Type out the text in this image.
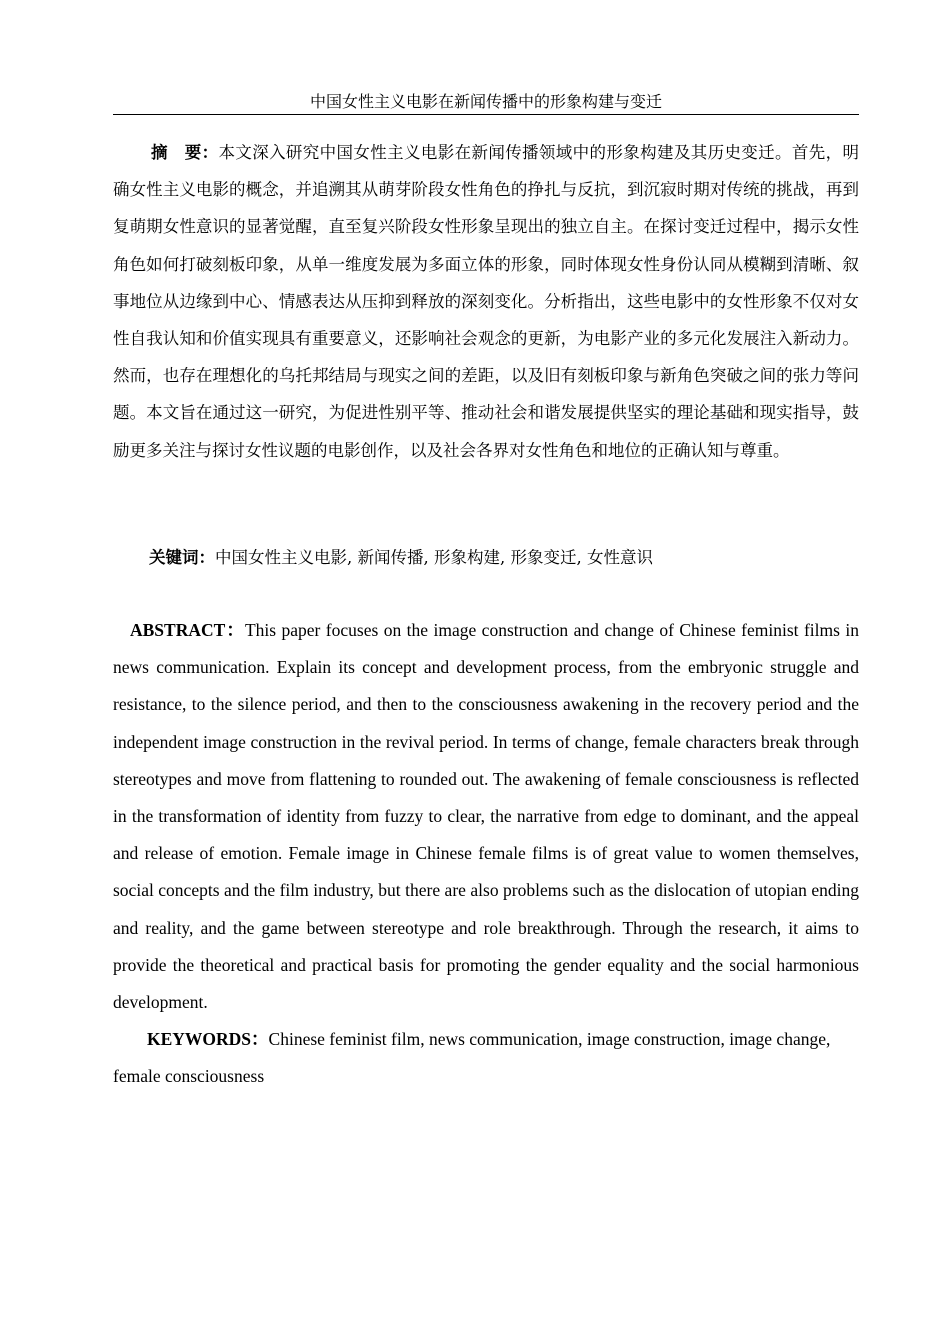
中国女性主义电影在新闻传播中的形象构建与变迁
摘　要：本文深入研究中国女性主义电影在新闻传播领域中的形象构建及其历史变迁。首先，明确女性主义电影的概念，并追溯其从萌芽阶段女性角色的挣扎与反抗，到沉寂时期对传统的挑战，再到复萌期女性意识的显著觉醒，直至复兴阶段女性形象呈现出的独立自主。在探讨变迁过程中，揭示女性角色如何打破刻板印象，从单一维度发展为多面立体的形象，同时体现女性身份认同从模糊到清晰、叙事地位从边缘到中心、情感表达从压抑到释放的深刻变化。分析指出，这些电影中的女性形象不仅对女性自我认知和价值实现具有重要意义，还影响社会观念的更新，为电影产业的多元化发展注入新动力。然而，也存在理想化的乌托邦结局与现实之间的差距，以及旧有刻板印象与新角色突破之间的张力等问题。本文旨在通过这一研究，为促进性别平等、推动社会和谐发展提供坚实的理论基础和现实指导，鼓励更多关注与探讨女性议题的电影创作，以及社会各界对女性角色和地位的正确认知与尊重。
关键词：中国女性主义电影, 新闻传播, 形象构建, 形象变迁, 女性意识
ABSTRACT：This paper focuses on the image construction and change of Chinese feminist films in news communication. Explain its concept and development process, from the embryonic struggle and resistance, to the silence period, and then to the consciousness awakening in the recovery period and the independent image construction in the revival period. In terms of change, female characters break through stereotypes and move from flattening to rounded out. The awakening of female consciousness is reflected in the transformation of identity from fuzzy to clear, the narrative from edge to dominant, and the appeal and release of emotion. Female image in Chinese female films is of great value to women themselves, social concepts and the film industry, but there are also problems such as the dislocation of utopian ending and reality, and the game between stereotype and role breakthrough. Through the research, it aims to provide the theoretical and practical basis for promoting the gender equality and the social harmonious development.
KEYWORDS：Chinese feminist film, news communication, image construction, image change, female consciousness
